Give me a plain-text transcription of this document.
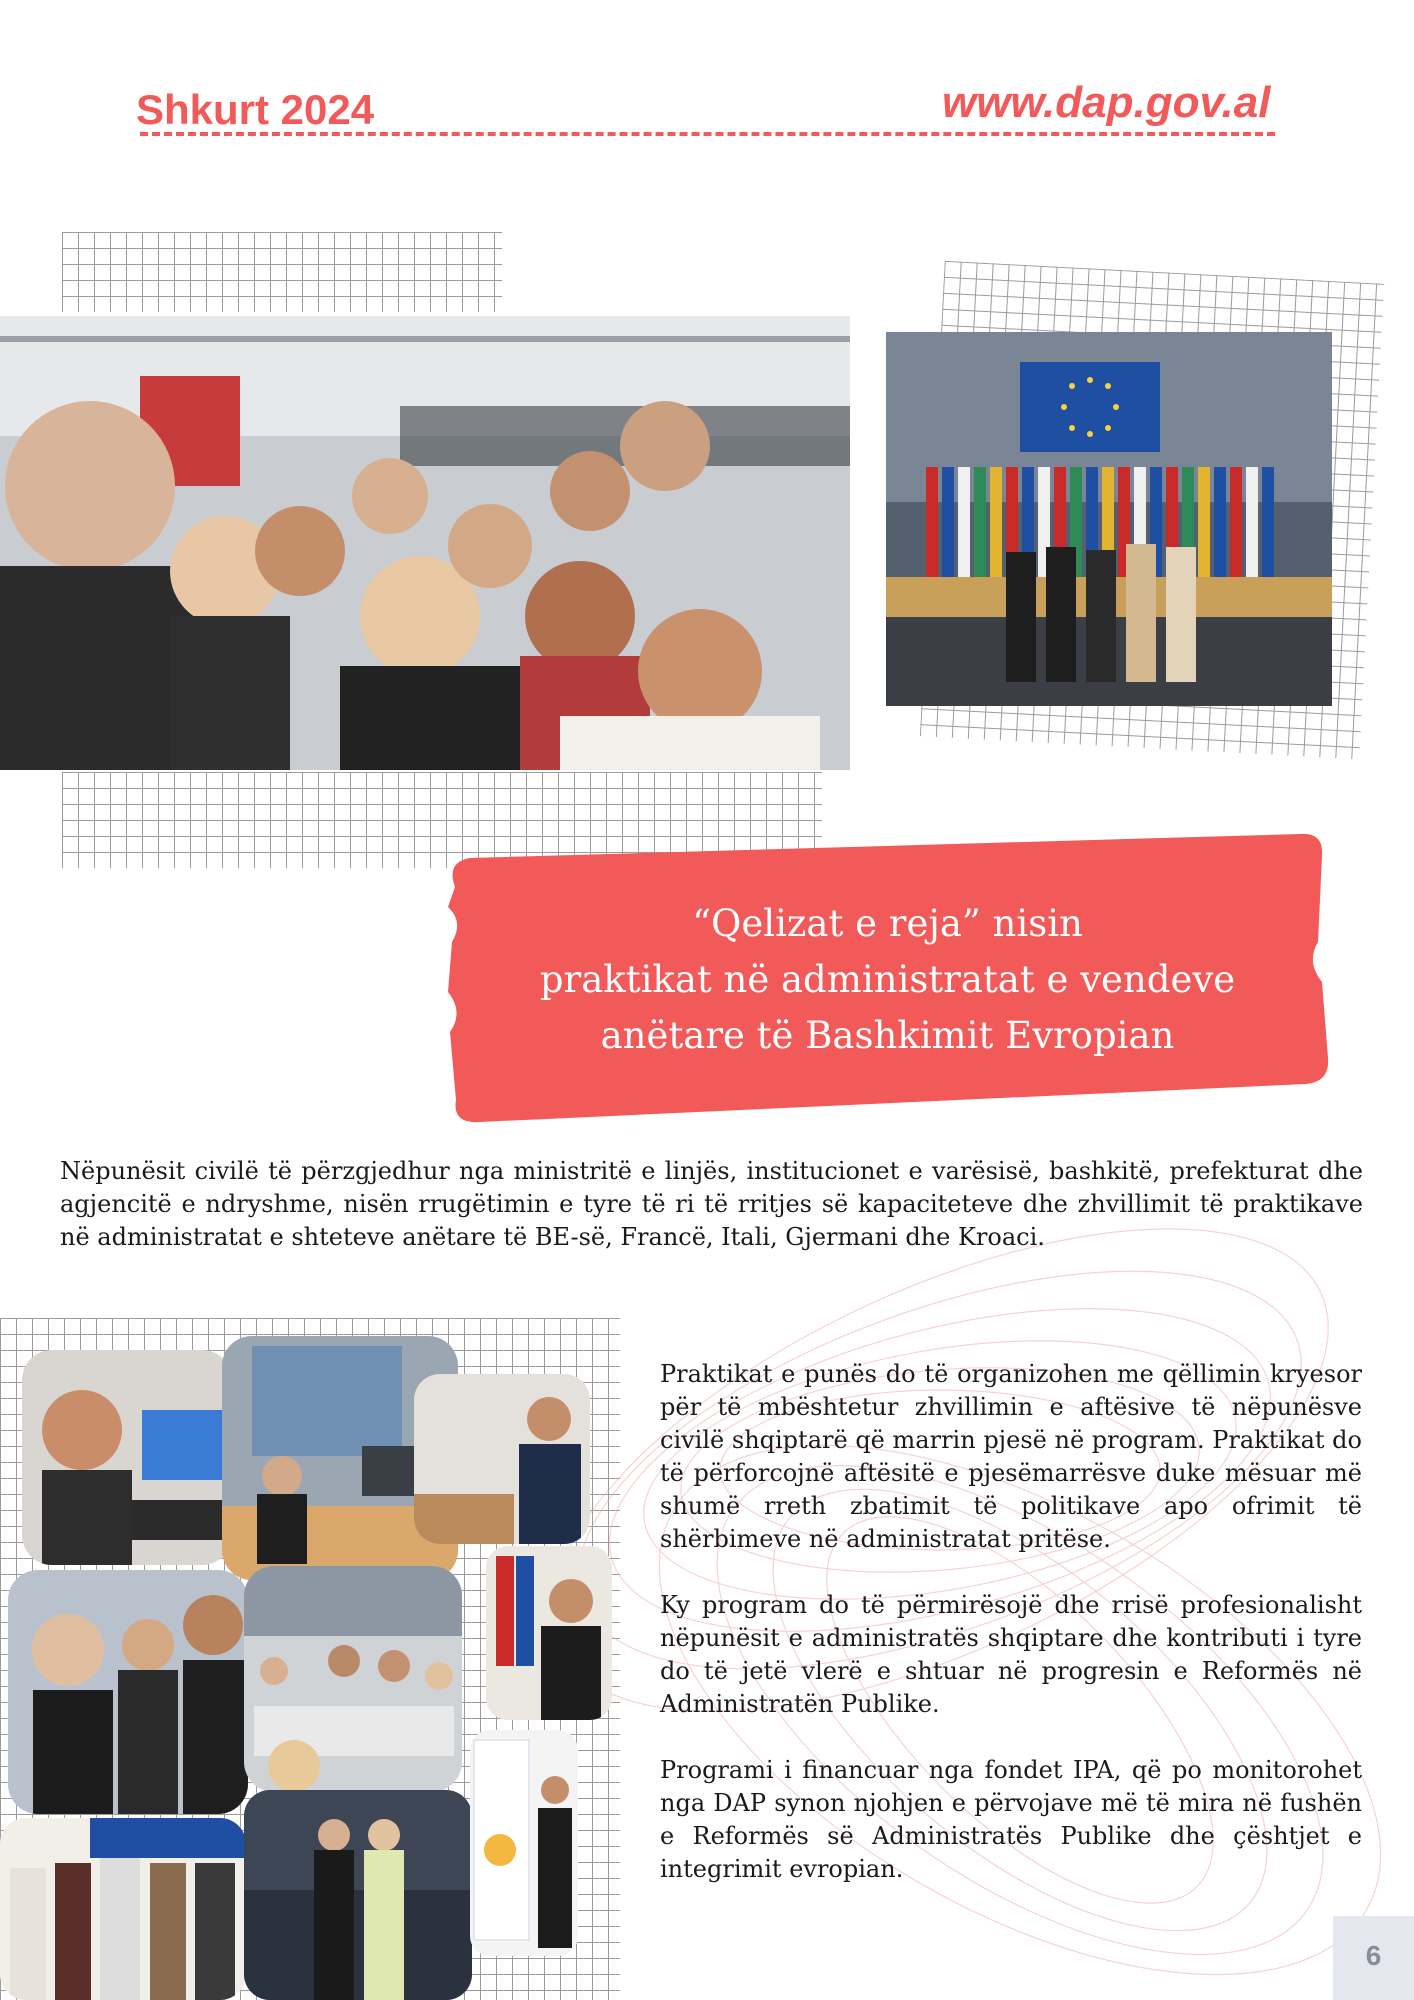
Shkurt 2024	www.dap.gov.al
“Qelizat e reja” nisin
praktikat në administratat e vendeve
anëtare të Bashkimit Evropian
Nëpunësit civilë të përzgjedhur nga ministritë e linjës, institucionet e varësisë, bashkitë, prefekturat dhe agjencitë e ndryshme, nisën rrugëtimin e tyre të ri të rritjes së kapaciteteve dhe zhvillimit të praktikave në administratat e shteteve anëtare të BE-së, Francë, Itali, Gjermani dhe Kroaci.

Praktikat e punës do të organizohen me qëllimin kryesor për të mbështetur zhvillimin e aftësive të nëpunësve civilë shqiptarë që marrin pjesë në program. Praktikat do të përforcojnë aftësitë e pjesëmarrësve duke mësuar më shumë rreth zbatimit të politikave apo ofrimit të shërbimeve në administratat pritëse.

Ky program do të përmirësojë dhe rrisë profesionalisht nëpunësit e administratës shqiptare dhe kontributi i tyre do të jetë vlerë e shtuar në progresin e Reformës në Administratën Publike.

Programi i financuar nga fondet IPA, që po monitorohet nga DAP synon njohjen e përvojave më të mira në fushën e Reformës së Administratës Publike dhe çështjet e integrimit evropian.

6
